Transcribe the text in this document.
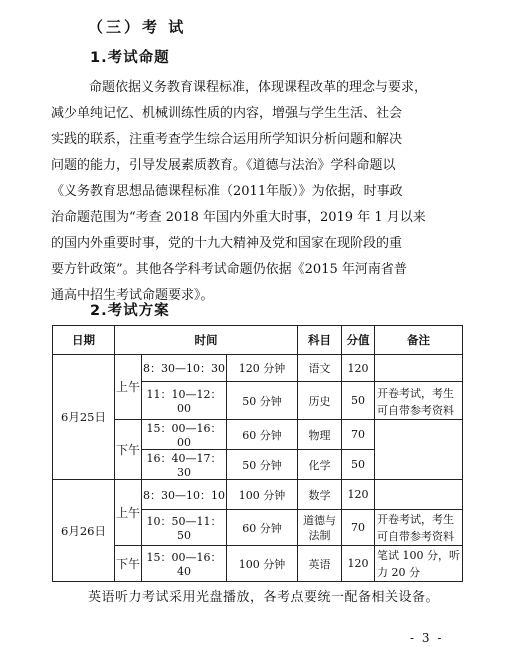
（三）考 试
1.考试命题

命题依据义务教育课程标准，体现课程改革的理念与要求，
减少单纯记忆、机械训练性质的内容，增强与学生生活、社会
实践的联系，注重考查学生综合运用所学知识分析问题和解决
问题的能力，引导发展素质教育。《道德与法治》学科命题以
《义务教育思想品德课程标准（2011年版）》为依据，时事政
治命题范围为“考查 2018 年国内外重大时事，2019 年 1 月以来
的国内外重要时事，党的十九大精神及党和国家在现阶段的重
要方针政策”。其他各学科考试命题仍依据《2015 年河南省普
通高中招生考试命题要求》。

2.考试方案
日期	时间			科目	分值	备注
6月25日	上午	8：30—10：30	120 分钟	语文	120	
		11：10—12：00	50 分钟	历史	50	开卷考试，考生可自带参考资料
	下午	15：00—16：00	60 分钟	物理	70	
		16：40—17：30	50 分钟	化学	50	
6月26日	上午	8：30—10：10	100 分钟	数学	120	
		10：50—11：50	60 分钟	道德与法制	70	开卷考试，考生可自带参考资料
	下午	15：00—16：40	100 分钟	英语	120	笔试 100 分，听力 20 分
英语听力考试采用光盘播放，各考点要统一配备相关设备。
- 3 -
